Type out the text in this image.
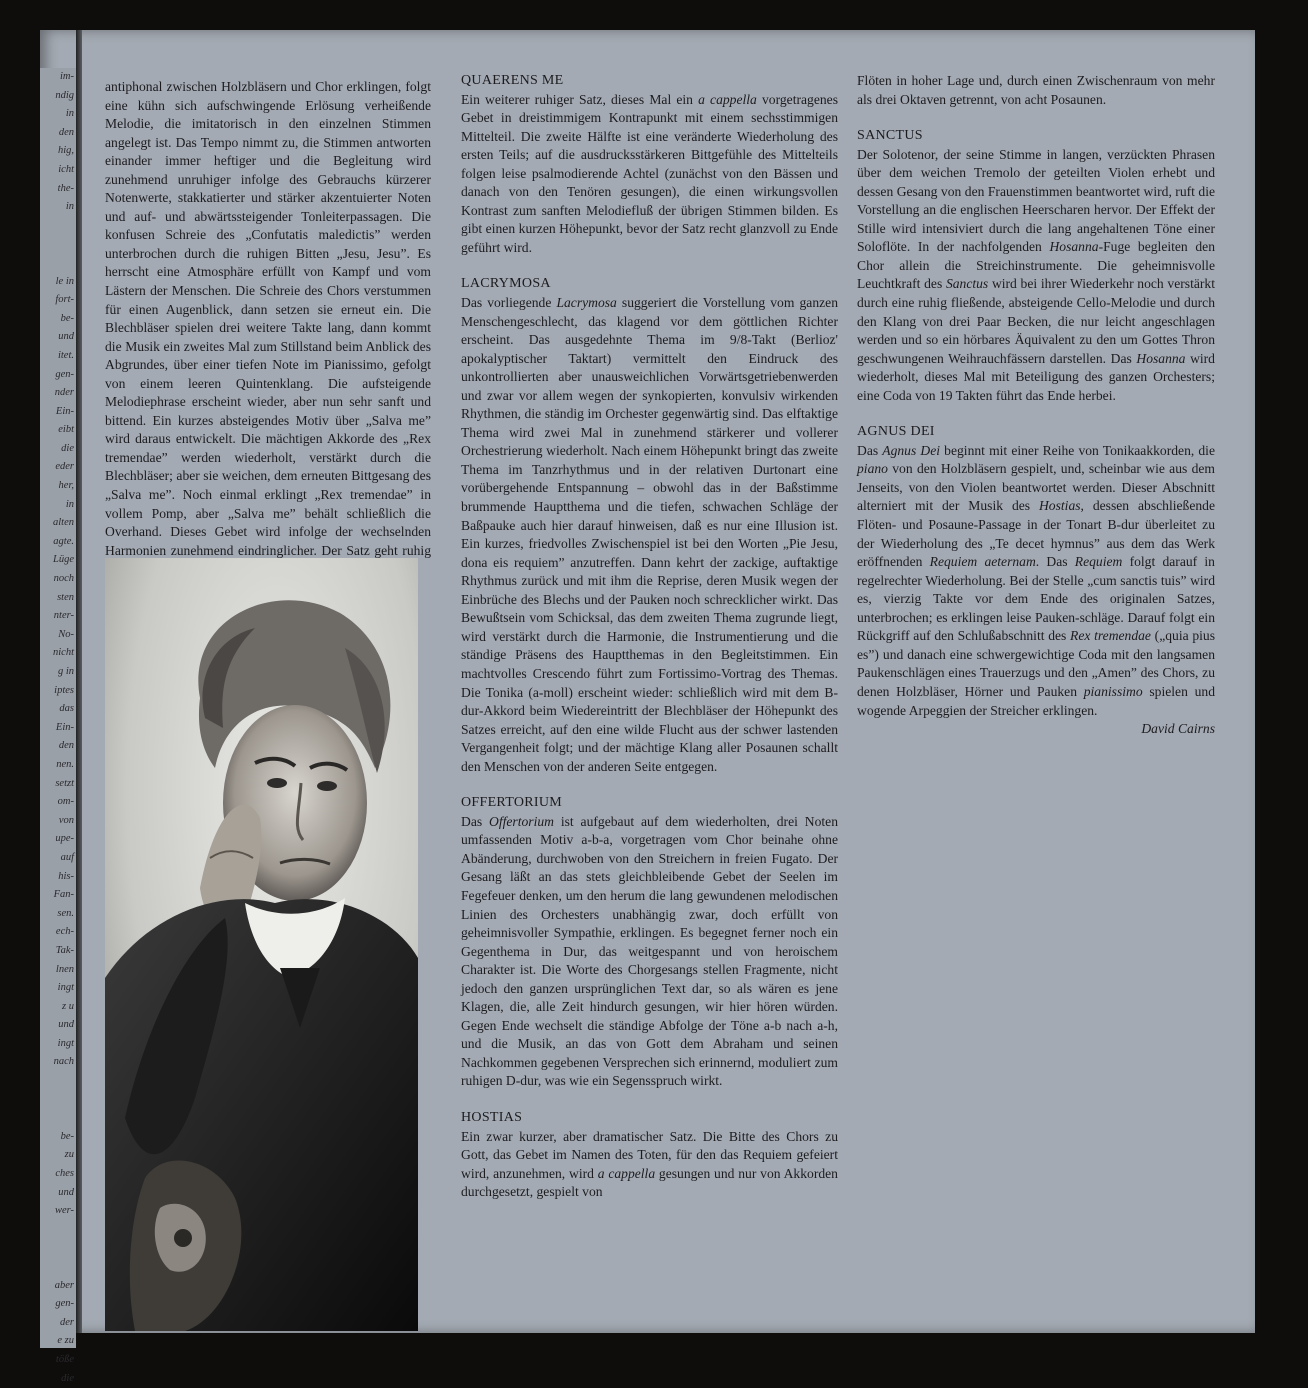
im-

ndig

in

den

hig,

icht

the-

in

le in

fort-

be-

und

itet.

gen-

nder

Ein-

eibt

die

eder

her,

in

alten

agte.

Lüge

noch

sten

nter-

No-

nicht

g in

iptes

das

Ein-

den

nen.

setzt

om-

von

upe-

auf

his-

Fan-

sen.

ech-

Tak-

lnen

ingt

z u

und

ingt

nach

be-

zu

ches

und

wer-

aber

gen-

der

e zu

töße

die

antiphonal zwischen Holzbläsern und Chor erklingen, folgt eine kühn sich aufschwingende Erlösung verheißende Melodie, die imitatorisch in den einzelnen Stimmen angelegt ist. Das Tempo nimmt zu, die Stimmen antworten einander immer heftiger und die Begleitung wird zunehmend unruhiger infolge des Gebrauchs kürzerer Notenwerte, stakkatierter und stärker akzentuierter Noten und auf- und abwärtssteigender Tonleiterpassagen. Die konfusen Schreie des „Confutatis maledictis” werden unterbrochen durch die ruhigen Bitten „Jesu, Jesu”. Es herrscht eine Atmosphäre erfüllt von Kampf und vom Lästern der Menschen. Die Schreie des Chors verstummen für einen Augenblick, dann setzen sie erneut ein. Die Blechbläser spielen drei weitere Takte lang, dann kommt die Musik ein zweites Mal zum Stillstand beim Anblick des Abgrundes, über einer tiefen Note im Pianissimo, gefolgt von einem leeren Quintenklang. Die aufsteigende Melodiephrase erscheint wieder, aber nun sehr sanft und bittend. Ein kurzes absteigendes Motiv über „Salva me” wird daraus entwickelt. Die mächtigen Akkorde des „Rex tremendae” werden wiederholt, verstärkt durch die Blechbläser; aber sie weichen, dem erneuten Bittgesang des „Salva me”. Noch einmal erklingt „Rex tremendae” in vollem Pomp, aber „Salva me” behält schließlich die Overhand. Dieses Gebet wird infolge der wechselnden Harmonien zunehmend eindringlicher. Der Satz geht ruhig

QUAERENS ME

Ein weiterer ruhiger Satz, dieses Mal ein a cappella vorgetragenes Gebet in dreistimmigem Kontrapunkt mit einem sechsstimmigen Mittelteil. Die zweite Hälfte ist eine veränderte Wiederholung des ersten Teils; auf die ausdrucksstärkeren Bittgefühle des Mittelteils folgen leise psalmodierende Achtel (zunächst von den Bässen und danach von den Tenören gesungen), die einen wirkungsvollen Kontrast zum sanften Melodiefluß der übrigen Stimmen bilden. Es gibt einen kurzen Höhepunkt, bevor der Satz recht glanzvoll zu Ende geführt wird.

LACRYMOSA

Das vorliegende Lacrymosa suggeriert die Vorstellung vom ganzen Menschengeschlecht, das klagend vor dem göttlichen Richter erscheint. Das ausgedehnte Thema im 9/8-Takt (Berlioz' apokalyptischer Taktart) vermittelt den Eindruck des unkontrollierten aber unausweichlichen Vorwärtsgetriebenwerden und zwar vor allem wegen der synkopierten, konvulsiv wirkenden Rhythmen, die ständig im Orchester gegenwärtig sind. Das elftaktige Thema wird zwei Mal in zunehmend stärkerer und vollerer Orchestrierung wiederholt. Nach einem Höhepunkt bringt das zweite Thema im Tanzrhythmus und in der relativen Durtonart eine vorübergehende Entspannung – obwohl das in der Baßstimme brummende Hauptthema und die tiefen, schwachen Schläge der Baßpauke auch hier darauf hinweisen, daß es nur eine Illusion ist. Ein kurzes, friedvolles Zwischenspiel ist bei den Worten „Pie Jesu, dona eis requiem” anzutreffen. Dann kehrt der zackige, auftaktige Rhythmus zurück und mit ihm die Reprise, deren Musik wegen der Einbrüche des Blechs und der Pauken noch schrecklicher wirkt. Das Bewußtsein vom Schicksal, das dem zweiten Thema zugrunde liegt, wird verstärkt durch die Harmonie, die Instrumentierung und die ständige Präsens des Hauptthemas in den Begleitstimmen. Ein machtvolles Crescendo führt zum Fortissimo-Vortrag des Themas. Die Tonika (a-moll) erscheint wieder: schließlich wird mit dem B-dur-Akkord beim Wiedereintritt der Blechbläser der Höhepunkt des Satzes erreicht, auf den eine wilde Flucht aus der schwer lastenden Vergangenheit folgt; und der mächtige Klang aller Posaunen schallt den Menschen von der anderen Seite entgegen.

OFFERTORIUM

Das Offertorium ist aufgebaut auf dem wiederholten, drei Noten umfassenden Motiv a-b-a, vorgetragen vom Chor beinahe ohne Abänderung, durchwoben von den Streichern in freien Fugato. Der Gesang läßt an das stets gleichbleibende Gebet der Seelen im Fegefeuer denken, um den herum die lang gewundenen melodischen Linien des Orchesters unabhängig zwar, doch erfüllt von geheimnisvoller Sympathie, erklingen. Es begegnet ferner noch ein Gegenthema in Dur, das weitgespannt und von heroischem Charakter ist. Die Worte des Chorgesangs stellen Fragmente, nicht jedoch den ganzen ursprünglichen Text dar, so als wären es jene Klagen, die, alle Zeit hindurch gesungen, wir hier hören würden. Gegen Ende wechselt die ständige Abfolge der Töne a-b nach a-h, und die Musik, an das von Gott dem Abraham und seinen Nachkommen gegebenen Versprechen sich erinnernd, moduliert zum ruhigen D-dur, was wie ein Segensspruch wirkt.

HOSTIAS

Ein zwar kurzer, aber dramatischer Satz. Die Bitte des Chors zu Gott, das Gebet im Namen des Toten, für den das Requiem gefeiert wird, anzunehmen, wird a cappella gesungen und nur von Akkorden durchgesetzt, gespielt von

Flöten in hoher Lage und, durch einen Zwischenraum von mehr als drei Oktaven getrennt, von acht Posaunen.

SANCTUS

Der Solotenor, der seine Stimme in langen, verzückten Phrasen über dem weichen Tremolo der geteilten Violen erhebt und dessen Gesang von den Frauenstimmen beantwortet wird, ruft die Vorstellung an die englischen Heerscharen hervor. Der Effekt der Stille wird intensiviert durch die lang angehaltenen Töne einer Soloflöte. In der nachfolgenden Hosanna-Fuge begleiten den Chor allein die Streichinstrumente. Die geheimnisvolle Leuchtkraft des Sanctus wird bei ihrer Wiederkehr noch verstärkt durch eine ruhig fließende, absteigende Cello-Melodie und durch den Klang von drei Paar Becken, die nur leicht angeschlagen werden und so ein hörbares Äquivalent zu den um Gottes Thron geschwungenen Weihrauchfässern darstellen. Das Hosanna wird wiederholt, dieses Mal mit Beteiligung des ganzen Orchesters; eine Coda von 19 Takten führt das Ende herbei.

AGNUS DEI

Das Agnus Dei beginnt mit einer Reihe von Tonikaakkorden, die piano von den Holzbläsern gespielt, und, scheinbar wie aus dem Jenseits, von den Violen beantwortet werden. Dieser Abschnitt alterniert mit der Musik des Hostias, dessen abschließende Flöten- und Posaune-Passage in der Tonart B-dur überleitet zu der Wiederholung des „Te decet hymnus” aus dem das Werk eröffnenden Requiem aeternam. Das Requiem folgt darauf in regelrechter Wiederholung. Bei der Stelle „cum sanctis tuis” wird es, vierzig Takte vor dem Ende des originalen Satzes, unterbrochen; es erklingen leise Pauken-schläge. Darauf folgt ein Rückgriff auf den Schlußabschnitt des Rex tremendae („quia pius es”) und danach eine schwergewichtige Coda mit den langsamen Paukenschlägen eines Trauerzugs und den „Amen” des Chors, zu denen Holzbläser, Hörner und Pauken pianissimo spielen und wogende Arpeggien der Streicher erklingen.

David Cairns
